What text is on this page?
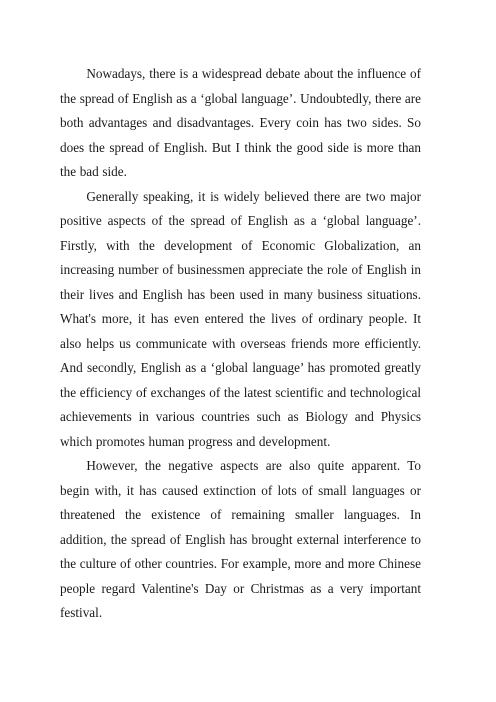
Nowadays, there is a widespread debate about the influence of the spread of English as a ‘global language’. Undoubtedly, there are both advantages and disadvantages. Every coin has two sides. So does the spread of English. But I think the good side is more than the bad side.

Generally speaking, it is widely believed there are two major positive aspects of the spread of English as a ‘global language’. Firstly, with the development of Economic Globalization, an increasing number of businessmen appreciate the role of English in their lives and English has been used in many business situations. What's more, it has even entered the lives of ordinary people. It also helps us communicate with overseas friends more efficiently. And secondly, English as a ‘global language’ has promoted greatly the efficiency of exchanges of the latest scientific and technological achievements in various countries such as Biology and Physics which promotes human progress and development.

However, the negative aspects are also quite apparent. To begin with, it has caused extinction of lots of small languages or threatened the existence of remaining smaller languages. In addition, the spread of English has brought external interference to the culture of other countries. For example, more and more Chinese people regard Valentine's Day or Christmas as a very important festival.
